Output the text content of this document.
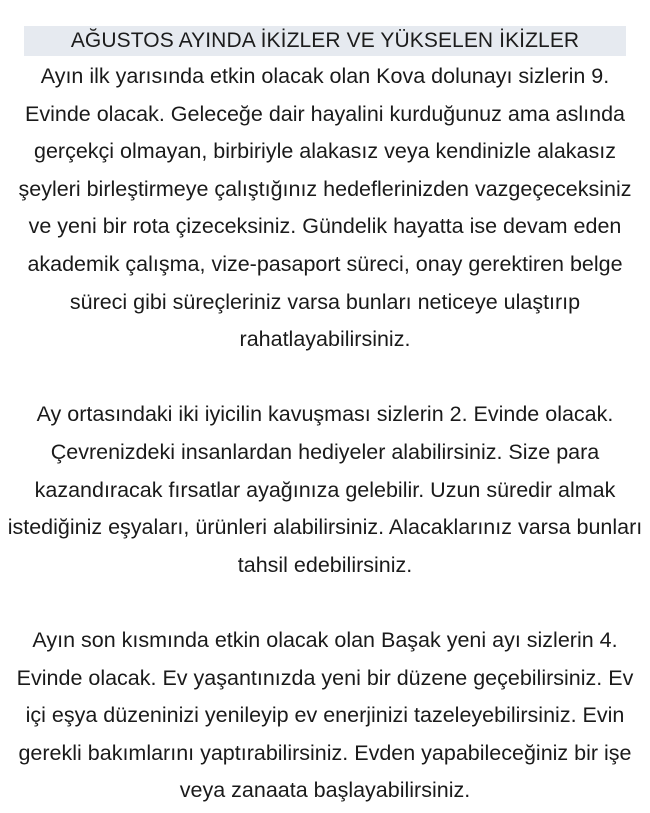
AĞUSTOS AYINDA İKİZLER VE YÜKSELEN İKİZLER

Ayın ilk yarısında etkin olacak olan Kova dolunayı sizlerin 9. Evinde olacak. Geleceğe dair hayalini kurduğunuz ama aslında gerçekçi olmayan, birbiriyle alakasız veya kendinizle alakasız şeyleri birleştirmeye çalıştığınız hedeflerinizden vazgeçeceksiniz ve yeni bir rota çizeceksiniz. Gündelik hayatta ise devam eden akademik çalışma, vize-pasaport süreci, onay gerektiren belge süreci gibi süreçleriniz varsa bunları neticeye ulaştırıp rahatlayabilirsiniz.

Ay ortasındaki iki iyicilin kavuşması sizlerin 2. Evinde olacak. Çevrenizdeki insanlardan hediyeler alabilirsiniz. Size para kazandıracak fırsatlar ayağınıza gelebilir. Uzun süredir almak istediğiniz eşyaları, ürünleri alabilirsiniz. Alacaklarınız varsa bunları tahsil edebilirsiniz.

Ayın son kısmında etkin olacak olan Başak yeni ayı sizlerin 4. Evinde olacak. Ev yaşantınızda yeni bir düzene geçebilirsiniz. Ev içi eşya düzeninizi yenileyip ev enerjinizi tazeleyebilirsiniz. Evin gerekli bakımlarını yaptırabilirsiniz. Evden yapabileceğiniz bir işe veya zanaata başlayabilirsiniz.
